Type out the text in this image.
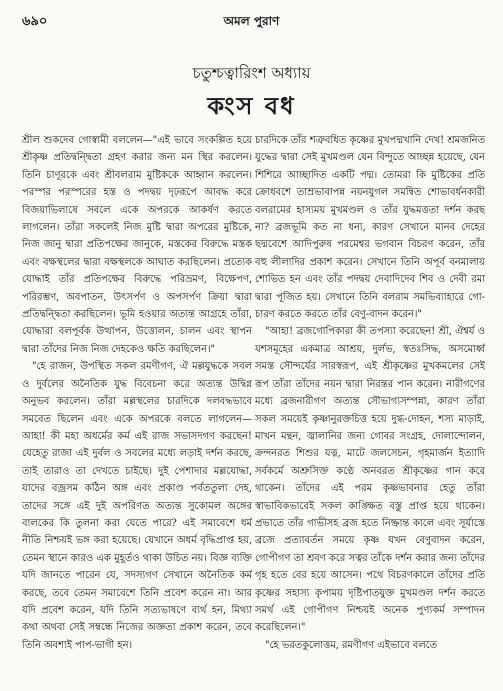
৬৯০	অমল পুরাণ
চতুশ্চত্বারিংশ অধ্যায়
কংস বধ

শ্রীল শুকদেব গোস্বামী বললেন—"এই ভাবে সংকল্পিত হয়ে শ্রীকৃষ্ণ প্রতিদ্বন্দ্বিতা গ্রহণ করার জন্য মন স্থির করলেন। তিনি চাণূরকে এবং শ্রীবলরাম মুষ্টিককে আহ্বান করলেন। পরস্পর পরস্পরের হস্ত ও পদদ্বয় দৃঢ়রূপে আবদ্ধ করে বিজয়াভিলাষে সবলে একে অপরকে আকর্ষণ করতে লাগলেন। তাঁরা সকলেই নিজ মুষ্টি দ্বারা অপরের মুষ্টিকে, নিজ জানু দ্বারা প্রতিপক্ষের জানুকে, মস্তকের বিরুদ্ধে মস্তক এবং বক্ষস্থলের দ্বারা বক্ষস্থলকে আঘাত করছিলেন। প্রত্যেক যোদ্ধাই তাঁর প্রতিপক্ষের বিরুদ্ধে পরিভ্রমণ, বিক্ষেপণ, পরিরম্ভণ, অবপাতন, উৎসর্পণ ও অপসর্পণ ক্রিয়া দ্বারা প্রতিদ্বন্দ্বিতা করছিলেন। ভূমি হওয়ার অত্যন্ত আগ্রহে তাঁরা, যোদ্ধারা বলপূর্বক উত্থাপন, উত্তোলন, চালন এবং স্থাপন দ্বারা তাঁদের নিজ নিজ দেহকেও ক্ষতি করছিলেন।"

"হে রাজন, উপস্থিত সকল রমণীগণ, ঐ মল্লযুদ্ধকে সবল ও দুর্বলের অনৈতিক যুদ্ধ বিবেচনা করে অত্যন্ত উদ্বিগ্ন অনুভব করলেন। তাঁরা মল্লস্থলের চারদিকে দলবদ্ধভাবে সমবেত ছিলেন এবং একে অপরকে বলতে লাগলেন—আহা! কী মহা অধর্মের কর্ম এই রাজ সভাসদগণ করছেন! যেহেতু রাজা এই দুর্বল ও সবলের মধ্যে লড়াই দর্শন করছে, তাই তারাও তা দেখতে চাইছে। দুই পেশাদার মল্লযোদ্ধা, যাদের বজ্রসম কঠিন অঙ্গ এবং প্রকাণ্ড পর্বততুল্য দেহ, তাদের সঙ্গে এই দুই অপরিণত অত্যন্ত সুকোমল অঙ্গের বালকের কি তুলনা করা যেতে পারে? এই সমাবেশে ধর্ম নীতি নিশ্চয়ই ভঙ্গ করা হয়েছে। যেখানে অধর্ম বৃদ্ধিপ্রাপ্ত হয়, তেমন স্থানে কারও এক মুহূর্তও থাকা উচিত নয়। বিজ্ঞ ব্যক্তি যদি জানতে পারেন যে, সদস্যগণ সেখানে অনৈতিক কর্ম করছে, তবে তেমন সমাবেশে তিনি প্রবেশ করেন না। আর যদি প্রবেশ করেন, যদি তিনি সত্যভাষণে ব্যর্থ হন, মিথ্যা কথা অথবা সেই সম্বন্ধে নিজের অজ্ঞতা প্রকাশ করেন, তবে তিনি অবশ্যই পাপ-ভাগী হন।

চারদিকে তাঁর শত্রুবধিত কৃষ্ণের মুখপদ্মখানি দেখ! শ্রমজনিত যুদ্ধের দ্বারা সেই মুখমণ্ডল যেন বিন্দুতে আচ্ছন্ন হয়েছে, যেন শিশিরে আচ্ছাদিত একটি পদ্ম। তোমরা কি মুষ্টিকের প্রতি ক্রোধবশে তাম্রভাবাপন্ন নয়নযুগল সমন্বিত শোভাবর্ধনকারী বলরামের হাস্যময় মুখমণ্ডল ও তাঁর যুদ্ধমত্ততা দর্শন করছ না? ব্রজভূমি কত না ধন্য, কারণ সেখানে মানব দেহের ছদ্মবেশে আদিপুরুষ পরমেশ্বর ভগবান বিচরণ করেন, তাঁর বহু লীলাদির প্রকাশ করেন। সেখানে তিনি অপূর্ব বনমালায় শোভিত হন এবং তাঁর পদদ্বয় দেবাদিদেব শিব ও দেবী রমা দ্বারা পূজিত হয়। সেখানে তিনি বলরাম সমভিব্যাহারে গো-চারণ করতে করতে তাঁর বেণু-বাদন করেন।"

"আহা! ব্রজগোপিকারা কী তপস্যা করেছেন! শ্রী, ঐশ্বর্য ও যশসমূহের একমাত্র আশ্রয়, দুর্লভ, স্বতঃসিদ্ধ, অসমোর্ধ্ব সমস্ত সৌন্দর্যের সারস্বরূপ, এই শ্রীকৃষ্ণের মুখকমলের সেই রূপ তাঁরা তাঁদের নয়ন দ্বারা নিরন্তর পান করেন। নারীগণের মধ্যে ব্রজনারীগণ অত্যন্ত সৌভাগ্যসম্পন্না, কারণ তাঁরা সকল সময়েই কৃষ্ণানুরক্তচিত্ত হয়ে দুগ্ধ-দোহন, শস্য মাড়াই, মাখন মন্থন, জ্বালানির জন্য গোবর সংগ্রহ, দোলান্দোলন, ক্রন্দনরত শিশুর যত্ন, মাটে জলসেচন, গৃহমার্জন ইত্যাদি সর্বকর্মে অশ্রুসিক্ত কণ্ঠে অনবরত শ্রীকৃষ্ণের গান করে থাকেন। তাঁদের এই পরম কৃষ্ণভাবনার হেতু তাঁরা স্বাভাবিকভাবেই সকল কাঙ্ক্ষিত বস্তু প্রাপ্ত হয়ে থাকেন। প্রভাতে তাঁর গাভীসহ ব্রজ হতে নিষ্ক্রান্ত কালে এবং সূর্যাস্তে ব্রজে প্রত্যাবর্তন সময়ে কৃষ্ণ যখন বেণুবাদন করেন, গোপীগণ তা শ্রবণ করে সত্বর তাঁকে দর্শন করার জন্য তাঁদের গৃহ হতে বের হয়ে আসেন। পথে বিচরণকালে তাঁদের প্রতি কৃষ্ণের সহাস্য কৃপাময় দৃষ্টিপাতযুক্ত মুখমণ্ডল দর্শন করতে সমর্থ এই গোপীগণ নিশ্চয়ই অনেক পুণ্যকর্ম সম্পাদন করেছিলেন।"

"হে ভরতকুলোত্তম, রমণীগণ এইভাবে বলতে
